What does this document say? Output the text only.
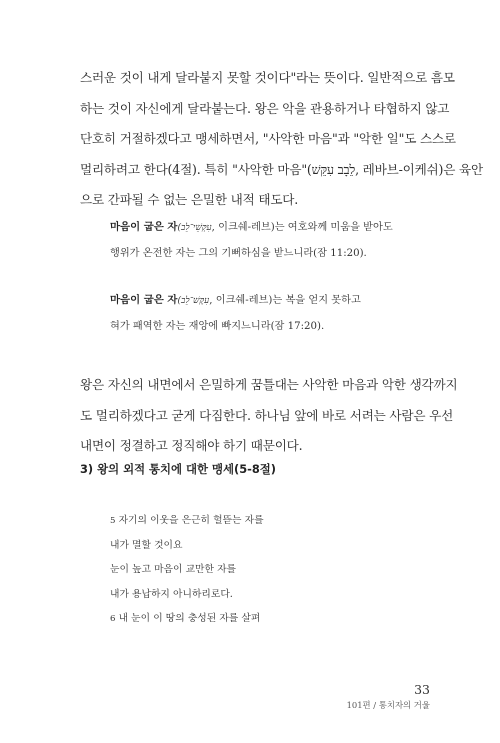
스러운 것이 내게 달라붙지 못할 것이다"라는 뜻이다. 일반적으로 흠모
하는 것이 자신에게 달라붙는다. 왕은 악을 관용하거나 타협하지 않고
단호히 거절하겠다고 맹세하면서, "사악한 마음"과 "악한 일"도 스스로
멀리하려고 한다(4절). 특히 "사악한 마음"(לֵבָב עִקֵּשׁ, 레바브-이케쉬)은 육안
으로 간파될 수 없는 은밀한 내적 태도다.

마음이 굽은 자(עִקְּשֵׁי־לֵב, 이크쉐-레브)는 여호와께 미움을 받아도
행위가 온전한 자는 그의 기뻐하심을 받느니라(잠 11:20).

마음이 굽은 자(עִקֶּשׁ־לֵב, 이크쉐-레브)는 복을 얻지 못하고
혀가 패역한 자는 재앙에 빠지느니라(잠 17:20).

왕은 자신의 내면에서 은밀하게 꿈틀대는 사악한 마음과 악한 생각까지
도 멀리하겠다고 굳게 다짐한다. 하나님 앞에 바로 서려는 사람은 우선
내면이 정결하고 정직해야 하기 때문이다.

3) 왕의 외적 통치에 대한 맹세(5-8절)

5 자기의 이웃을 은근히 헐뜯는 자를
내가 멸할 것이요
눈이 높고 마음이 교만한 자를
내가 용납하지 아니하리로다.
6 내 눈이 이 땅의 충성된 자를 살펴

33

101편 / 통치자의 거울
